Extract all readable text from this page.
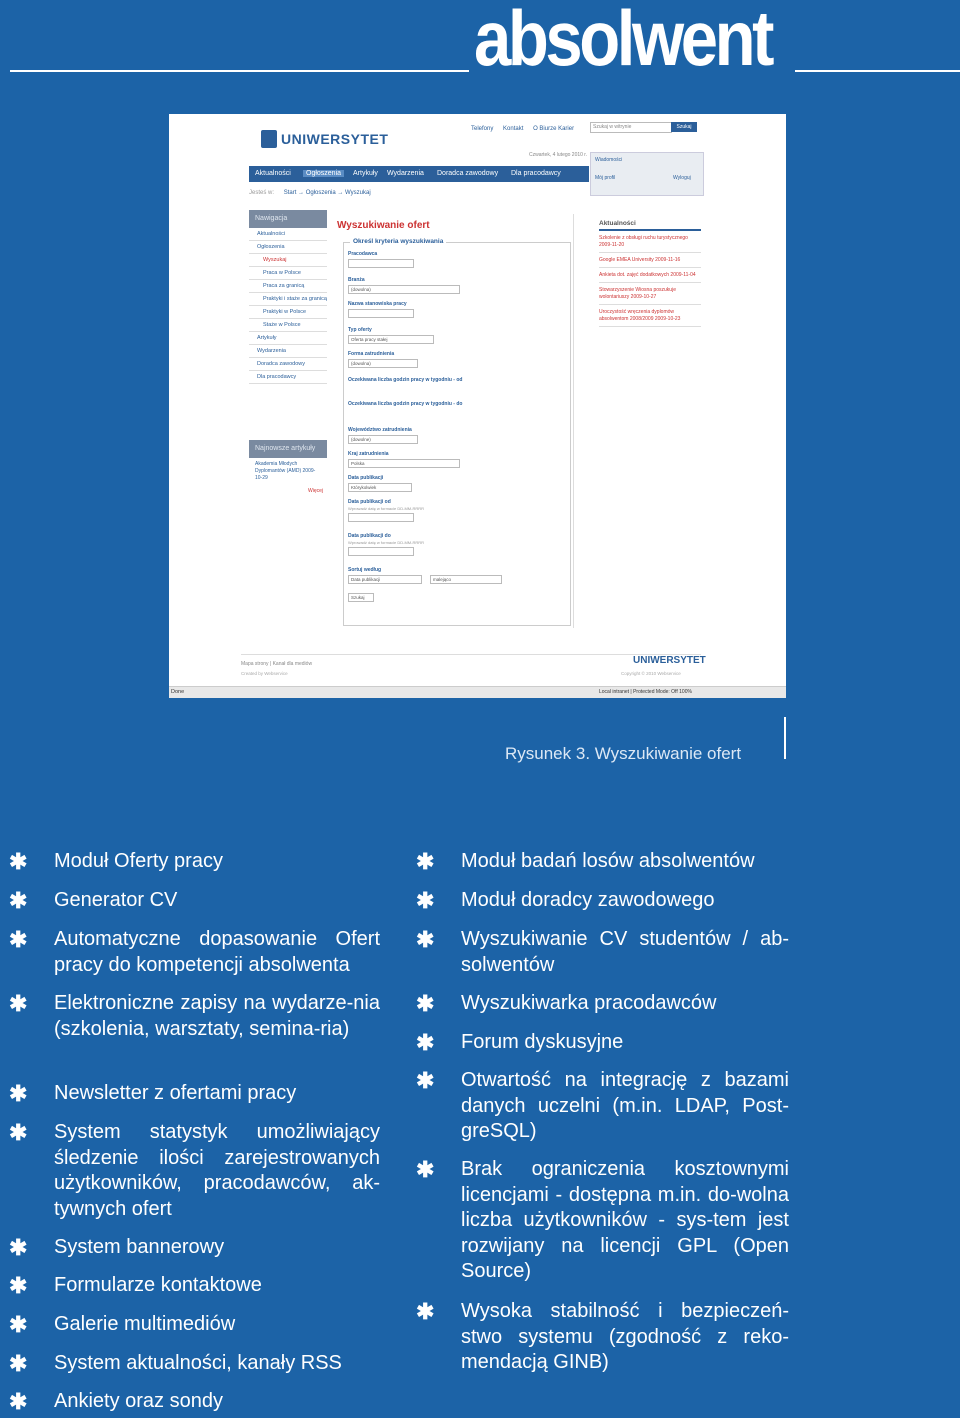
absolwent
UNIWERSYTET
Telefony Kontakt O Biurze Karier	Szukaj w witrynie	Szukaj
Czwartek, 4 lutego 2010 r.
Wiadomości
Mój profil	Wyloguj
Aktualności	Ogłoszenia	Artykuły Wydarzenia Doradca zawodowy Dla pracodawcy
Jesteś w: Start → Ogłoszenia → Wyszukaj
Nawigacja
Aktualności
Ogłoszenia
Wyszukaj
Praca w Polsce
Praca za granicą
Praktyki i staże za granicą
Praktyki w Polsce
Staże w Polsce
Artykuły
Wydarzenia
Doradca zawodowy
Dla pracodawcy
Najnowsze artykuły
Akademia Młodych Dyplomantów (AMD) 2009-10-29
Więcej
Wyszukiwanie ofert
Określ kryteria wyszukiwania
Pracodawca
Branża
(dowolna)
Nazwa stanowiska pracy
Typ oferty
Oferta pracy stałej
Forma zatrudnienia
(dowolna)
Oczekiwana liczba godzin pracy w tygodniu - od
Oczekiwana liczba godzin pracy w tygodniu - do
Województwo zatrudnienia
(dowolne)
Kraj zatrudnienia
Polska
Data publikacji
Którykolwiek
Data publikacji od
Wprowadź datę w formacie DD-MM-RRRR
Data publikacji do
Wprowadź datę w formacie DD-MM-RRRR
Sortuj według
Data publikacji	malejąco
Szukaj
Aktualności
Szkolenie z obsługi ruchu turystycznego 2009-11-20
Google EMEA University 2009-11-16
Ankieta dot. zajęć dodatkowych 2009-11-04
Stowarzyszenie Wiosna poszukuje wolontariuszy 2009-10-27
Uroczystość wręczenia dyplomów absolwentom 2008/2009 2009-10-23
Mapa strony | Kanał dla mediów
Created by Webservice
UNIWERSYTET
Copyright © 2010 Webservice
Done	Local intranet | Protected Mode: Off 100%
Rysunek 3. Wyszukiwanie ofert
✱ Moduł Oferty pracy
✱ Generator CV
✱ Automatyczne dopasowanie Ofert pracy do kompetencji absolwenta
✱ Elektroniczne zapisy na wydarze-nia (szkolenia, warsztaty, semina-ria)
✱ Newsletter z ofertami pracy
✱ System statystyk umożliwiający śledzenie ilości zarejestrowanych użytkowników, pracodawców, ak-tywnych ofert
✱ System bannerowy
✱ Formularze kontaktowe
✱ Galerie multimediów
✱ System aktualności, kanały RSS
✱ Ankiety oraz sondy
✱ Moduł badań losów absolwentów
✱ Moduł doradcy zawodowego
✱ Wyszukiwanie CV studentów / ab-solwentów
✱ Wyszukiwarka pracodawców
✱ Forum dyskusyjne
✱ Otwartość na integrację z bazami danych uczelni (m.in. LDAP, Post-greSQL)
✱ Brak ograniczenia kosztownymi licencjami - dostępna m.in. do-wolna liczba użytkowników - sys-tem jest rozwijany na licencji GPL (Open Source)
✱ Wysoka stabilność i bezpieczeń-stwo systemu (zgodność z reko-mendacją GINB)
